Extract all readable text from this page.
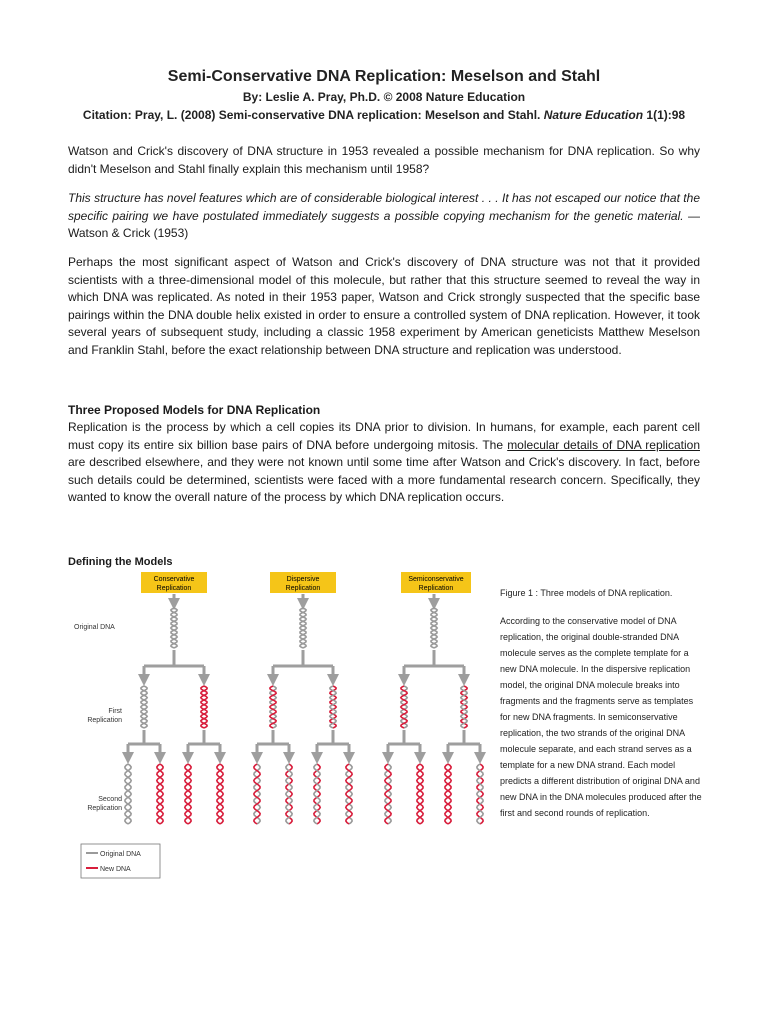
Semi-Conservative DNA Replication: Meselson and Stahl
By: Leslie A. Pray, Ph.D. © 2008 Nature Education
Citation: Pray, L. (2008) Semi-conservative DNA replication: Meselson and Stahl. Nature Education 1(1):98
Watson and Crick's discovery of DNA structure in 1953 revealed a possible mechanism for DNA replication. So why didn't Meselson and Stahl finally explain this mechanism until 1958?
This structure has novel features which are of considerable biological interest . . . It has not escaped our notice that the specific pairing we have postulated immediately suggests a possible copying mechanism for the genetic material. —Watson & Crick (1953)
Perhaps the most significant aspect of Watson and Crick's discovery of DNA structure was not that it provided scientists with a three-dimensional model of this molecule, but rather that this structure seemed to reveal the way in which DNA was replicated. As noted in their 1953 paper, Watson and Crick strongly suspected that the specific base pairings within the DNA double helix existed in order to ensure a controlled system of DNA replication. However, it took several years of subsequent study, including a classic 1958 experiment by American geneticists Matthew Meselson and Franklin Stahl, before the exact relationship between DNA structure and replication was understood.
Three Proposed Models for DNA Replication
Replication is the process by which a cell copies its DNA prior to division. In humans, for example, each parent cell must copy its entire six billion base pairs of DNA before undergoing mitosis. The molecular details of DNA replication are described elsewhere, and they were not known until some time after Watson and Crick's discovery. In fact, before such details could be determined, scientists were faced with a more fundamental research concern. Specifically, they wanted to know the overall nature of the process by which DNA replication occurs.
Defining the Models
Conservative
Replication
Dispersive
Replication
Semiconservative
Replication
Original DNA
First
Replication
Second
Replication
Original DNA
New DNA
Figure 1 : Three models of DNA replication.
According to the conservative model of DNA replication, the original double-stranded DNA molecule serves as the complete template for a new DNA molecule. In the dispersive replication model, the original DNA molecule breaks into fragments and the fragments serve as templates for new DNA fragments. In semiconservative replication, the two strands of the original DNA molecule separate, and each strand serves as a template for a new DNA strand. Each model predicts a different distribution of original DNA and new DNA in the DNA molecules produced after the first and second rounds of replication.
